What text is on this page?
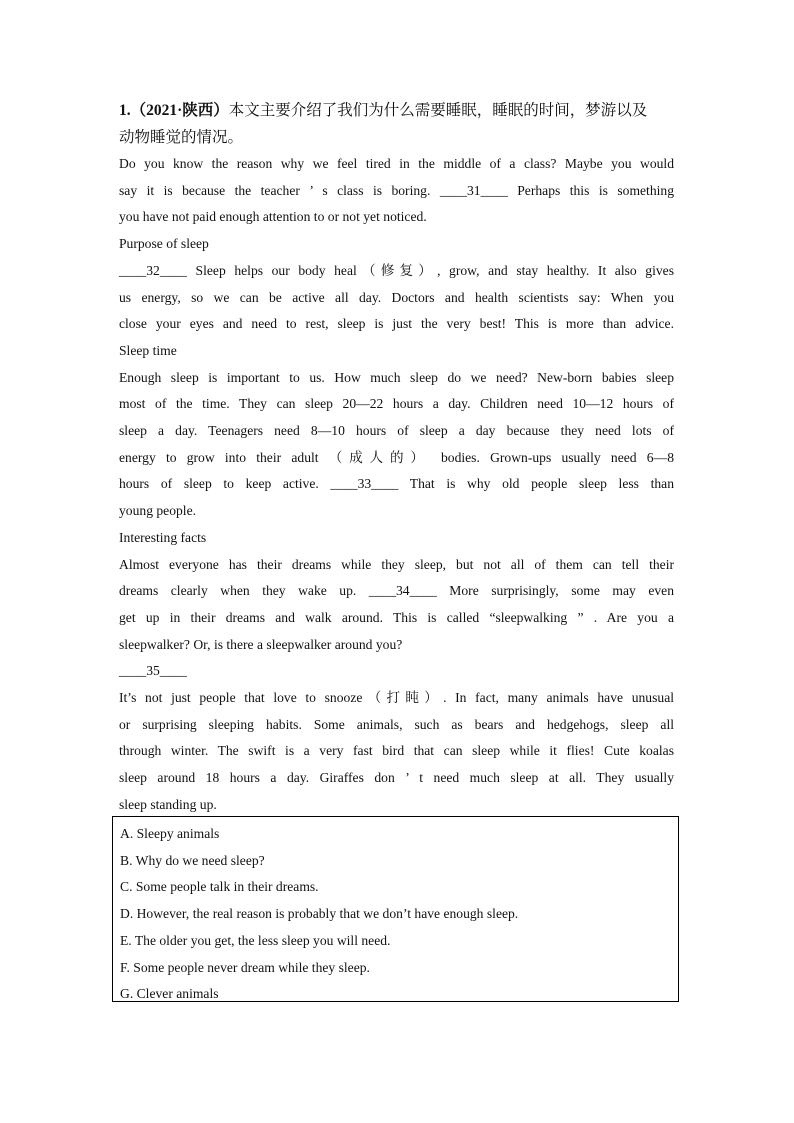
1.（2021·陕西）本文主要介绍了我们为什么需要睡眠，睡眠的时间，梦游以及

动物睡觉的情况。

Do you know the reason why we feel tired in the middle of a class? Maybe you would

say it is because the teacher ’ s class is boring. ____31____ Perhaps this is something

you have not paid enough attention to or not yet noticed.

Purpose of sleep

____32____ Sleep helps our body heal（修复）, grow, and stay healthy. It also gives

us energy, so we can be active all day. Doctors and health scientists say: When you

close your eyes and need to rest, sleep is just the very best! This is more than advice.

Sleep time

Enough sleep is important to us. How much sleep do we need? New-born babies sleep

most of the time. They can sleep 20—22 hours a day. Children need 10—12 hours of

sleep a day. Teenagers need 8—10 hours of sleep a day because they need lots of

energy to grow into their adult （成人的） bodies. Grown-ups usually need 6—8

hours of sleep to keep active. ____33____ That is why old people sleep less than

young people.

Interesting facts

Almost everyone has their dreams while they sleep, but not all of them can tell their

dreams clearly when they wake up. ____34____ More surprisingly, some may even

get up in their dreams and walk around. This is called “sleepwalking ” . Are you a

sleepwalker? Or, is there a sleepwalker around you?

____35____

It’s not just people that love to snooze（打盹）. In fact, many animals have unusual

or surprising sleeping habits. Some animals, such as bears and hedgehogs, sleep all

through winter. The swift is a very fast bird that can sleep while it flies! Cute koalas

sleep around 18 hours a day. Giraffes don ’ t need much sleep at all. They usually

sleep standing up.

A. Sleepy animals

B. Why do we need sleep?

C. Some people talk in their dreams.

D. However, the real reason is probably that we don’t have enough sleep.

E. The older you get, the less sleep you will need.

F. Some people never dream while they sleep.

G. Clever animals
